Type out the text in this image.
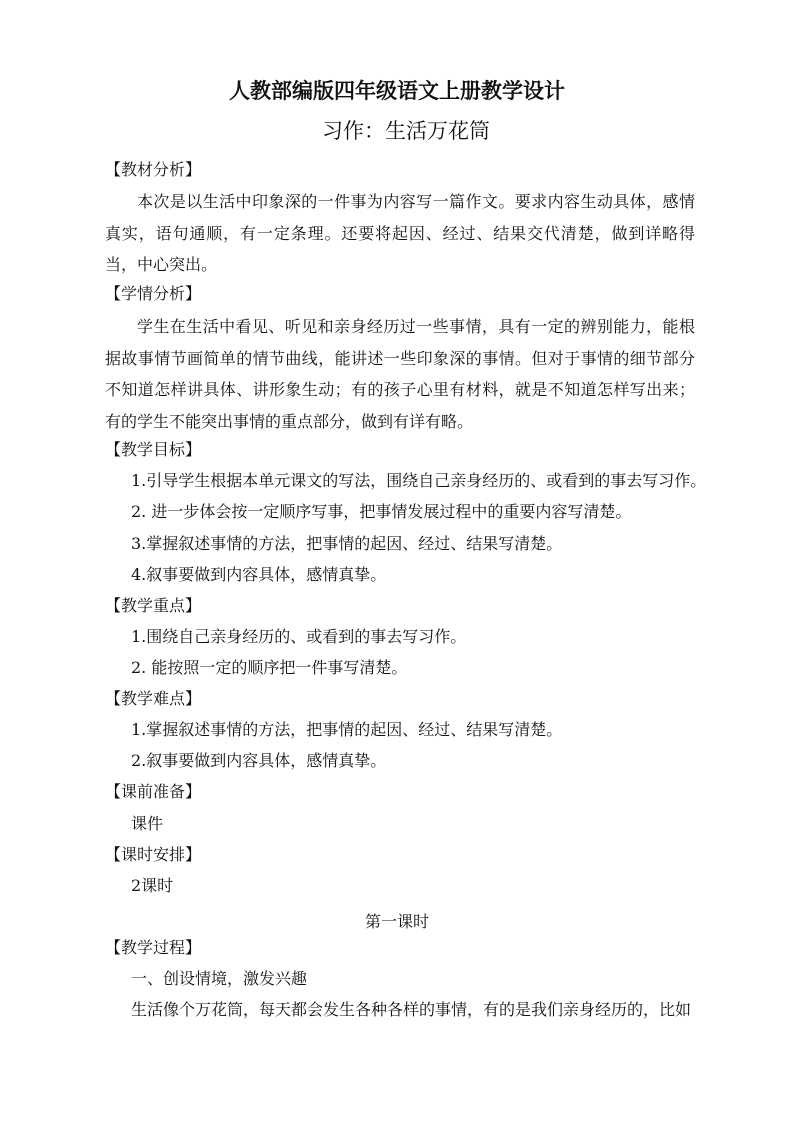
人教部编版四年级语文上册教学设计
习作：生活万花筒
【教材分析】
本次是以生活中印象深的一件事为内容写一篇作文。要求内容生动具体，感情真实，语句通顺，有一定条理。还要将起因、经过、结果交代清楚，做到详略得当，中心突出。
【学情分析】
学生在生活中看见、听见和亲身经历过一些事情，具有一定的辨别能力，能根据故事情节画简单的情节曲线，能讲述一些印象深的事情。但对于事情的细节部分不知道怎样讲具体、讲形象生动；有的孩子心里有材料，就是不知道怎样写出来；有的学生不能突出事情的重点部分，做到有详有略。
【教学目标】
1.引导学生根据本单元课文的写法，围绕自己亲身经历的、或看到的事去写习作。
2. 进一步体会按一定顺序写事，把事情发展过程中的重要内容写清楚。
3.掌握叙述事情的方法，把事情的起因、经过、结果写清楚。
4.叙事要做到内容具体，感情真挚。
【教学重点】
1.围绕自己亲身经历的、或看到的事去写习作。
2. 能按照一定的顺序把一件事写清楚。
【教学难点】
1.掌握叙述事情的方法，把事情的起因、经过、结果写清楚。
2.叙事要做到内容具体，感情真挚。
【课前准备】
课件
【课时安排】
2课时
第一课时
【教学过程】
一、创设情境，激发兴趣
生活像个万花筒，每天都会发生各种各样的事情，有的是我们亲身经历的，比如
